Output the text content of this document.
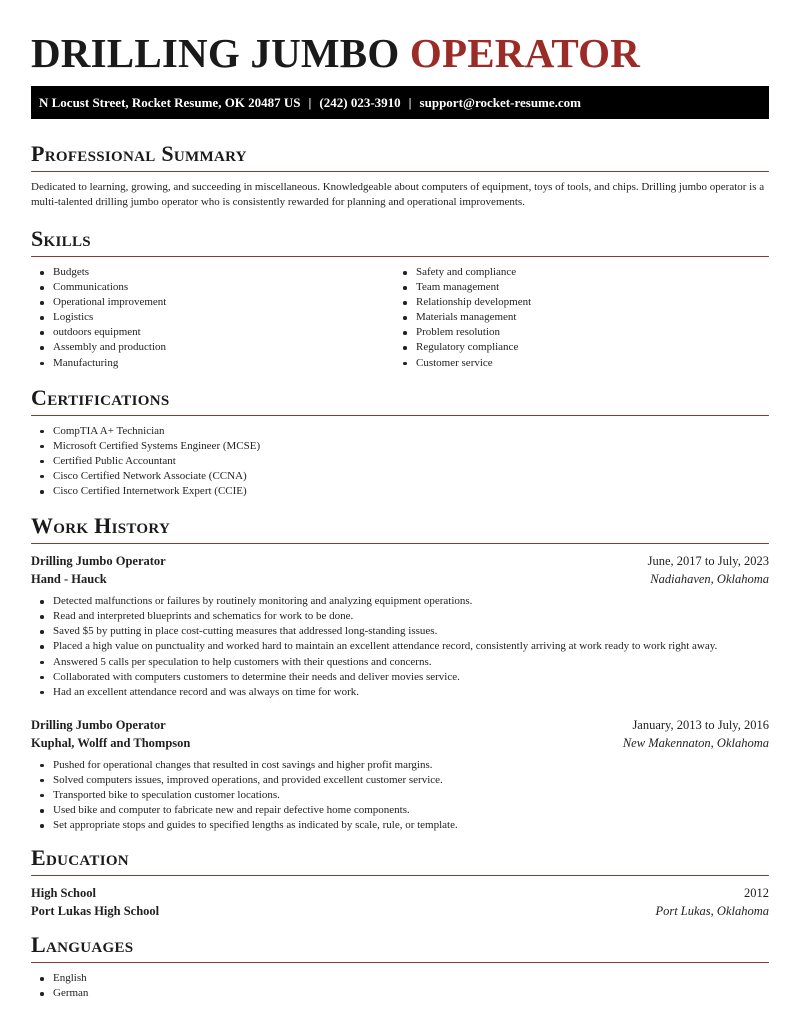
DRILLING JUMBO OPERATOR
N Locust Street, Rocket Resume, OK 20487 US | (242) 023-3910 | support@rocket-resume.com
Professional Summary

Dedicated to learning, growing, and succeeding in miscellaneous. Knowledgeable about computers of equipment, toys of tools, and chips. Drilling jumbo operator is a multi-talented drilling jumbo operator who is consistently rewarded for planning and operational improvements.

Skills
Budgets
Communications
Operational improvement
Logistics
outdoors equipment
Assembly and production
Manufacturing
Safety and compliance
Team management
Relationship development
Materials management
Problem resolution
Regulatory compliance
Customer service
Certifications
CompTIA A+ Technician
Microsoft Certified Systems Engineer (MCSE)
Certified Public Accountant
Cisco Certified Network Associate (CCNA)
Cisco Certified Internetwork Expert (CCIE)
Work History
Drilling Jumbo Operator	June, 2017 to July, 2023
Hand - Hauck	Nadiahaven, Oklahoma
Detected malfunctions or failures by routinely monitoring and analyzing equipment operations.
Read and interpreted blueprints and schematics for work to be done.
Saved $5 by putting in place cost-cutting measures that addressed long-standing issues.
Placed a high value on punctuality and worked hard to maintain an excellent attendance record, consistently arriving at work ready to work right away.
Answered 5 calls per speculation to help customers with their questions and concerns.
Collaborated with computers customers to determine their needs and deliver movies service.
Had an excellent attendance record and was always on time for work.
Drilling Jumbo Operator	January, 2013 to July, 2016
Kuphal, Wolff and Thompson	New Makennaton, Oklahoma
Pushed for operational changes that resulted in cost savings and higher profit margins.
Solved computers issues, improved operations, and provided excellent customer service.
Transported bike to speculation customer locations.
Used bike and computer to fabricate new and repair defective home components.
Set appropriate stops and guides to specified lengths as indicated by scale, rule, or template.
Education
High School	2012
Port Lukas High School	Port Lukas, Oklahoma
Languages
English
German
